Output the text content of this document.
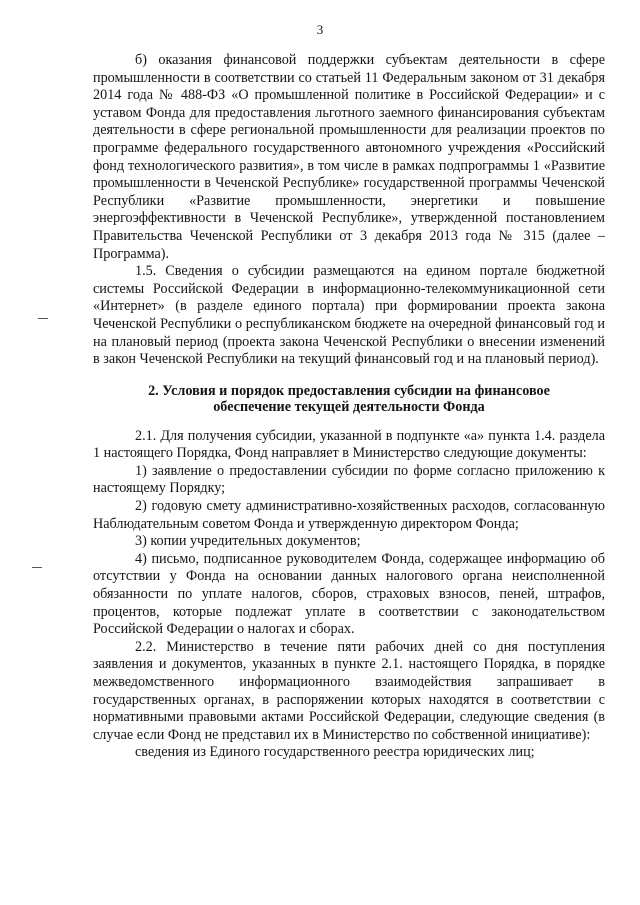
3

б) оказания финансовой поддержки субъектам деятельности в сфере промышленности в соответствии со статьей 11 Федеральным законом от 31 декабря 2014 года № 488-ФЗ «О промышленной политике в Российской Федерации» и с уставом Фонда для предоставления льготного заемного финансирования субъектам деятельности в сфере региональной промышленности для реализации проектов по программе федерального государственного автономного учреждения «Российский фонд технологического развития», в том числе в рамках подпрограммы 1 «Развитие промышленности в Чеченской Республике» государственной программы Чеченской Республики «Развитие промышленности, энергетики и повышение энергоэффективности в Чеченской Республике», утвержденной постановлением Правительства Чеченской Республики от 3 декабря 2013 года № 315 (далее – Программа).

1.5. Сведения о субсидии размещаются на едином портале бюджетной системы Российской Федерации в информационно-телекоммуникационной сети «Интернет» (в разделе единого портала) при формировании проекта закона Чеченской Республики о республиканском бюджете на очередной финансовый год и на плановый период (проекта закона Чеченской Республики о внесении изменений в закон Чеченской Республики на текущий финансовый год и на плановый период).

2. Условия и порядок предоставления субсидии на финансовое
обеспечение текущей деятельности Фонда

2.1. Для получения субсидии, указанной в подпункте «а» пункта 1.4. раздела 1 настоящего Порядка, Фонд направляет в Министерство следующие документы:

1) заявление о предоставлении субсидии по форме согласно приложению к настоящему Порядку;

2) годовую смету административно-хозяйственных расходов, согласованную Наблюдательным советом Фонда и утвержденную директором Фонда;

3) копии учредительных документов;

4) письмо, подписанное руководителем Фонда, содержащее информацию об отсутствии у Фонда на основании данных налогового органа неисполненной обязанности по уплате налогов, сборов, страховых взносов, пеней, штрафов, процентов, которые подлежат уплате в соответствии с законодательством Российской Федерации о налогах и сборах.

2.2. Министерство в течение пяти рабочих дней со дня поступления заявления и документов, указанных в пункте 2.1. настоящего Порядка, в порядке межведомственного информационного взаимодействия запрашивает в государственных органах, в распоряжении которых находятся в соответствии с нормативными правовыми актами Российской Федерации, следующие сведения (в случае если Фонд не представил их в Министерство по собственной инициативе):

сведения из Единого государственного реестра юридических лиц;
